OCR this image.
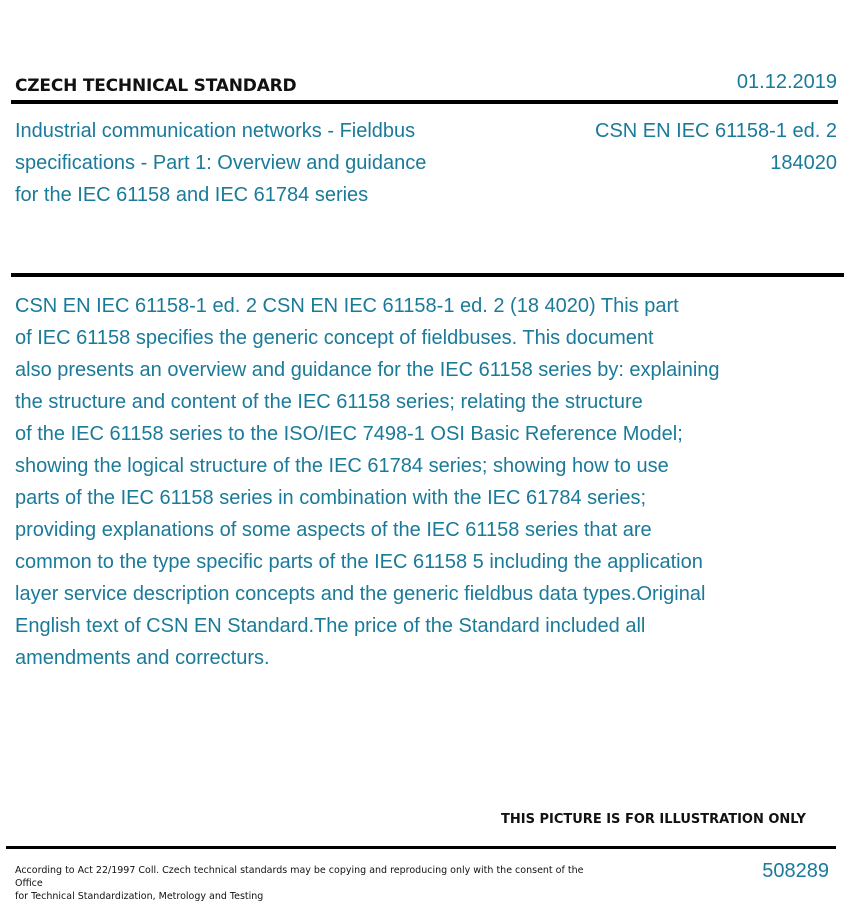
CZECH TECHNICAL STANDARD	01.12.2019
Industrial communication networks - Fieldbus
specifications - Part 1: Overview and guidance
for the IEC 61158 and IEC 61784 series
CSN EN IEC 61158-1 ed. 2
184020
CSN EN IEC 61158-1 ed. 2 CSN EN IEC 61158-1 ed. 2 (18 4020) This part
of IEC 61158 specifies the generic concept of fieldbuses. This document
also presents an overview and guidance for the IEC 61158 series by: explaining
the structure and content of the IEC 61158 series; relating the structure
of the IEC 61158 series to the ISO/IEC 7498-1 OSI Basic Reference Model;
showing the logical structure of the IEC 61784 series; showing how to use
parts of the IEC 61158 series in combination with the IEC 61784 series;
providing explanations of some aspects of the IEC 61158 series that are
common to the type specific parts of the IEC 61158 5 including the application
layer service description concepts and the generic fieldbus data types.Original
English text of CSN EN Standard.The price of the Standard included all
amendments and correcturs.
THIS PICTURE IS FOR ILLUSTRATION ONLY
According to Act 22/1997 Coll. Czech technical standards may be copying and reproducing only with the consent of the Office
for Technical Standardization, Metrology and Testing
508289
